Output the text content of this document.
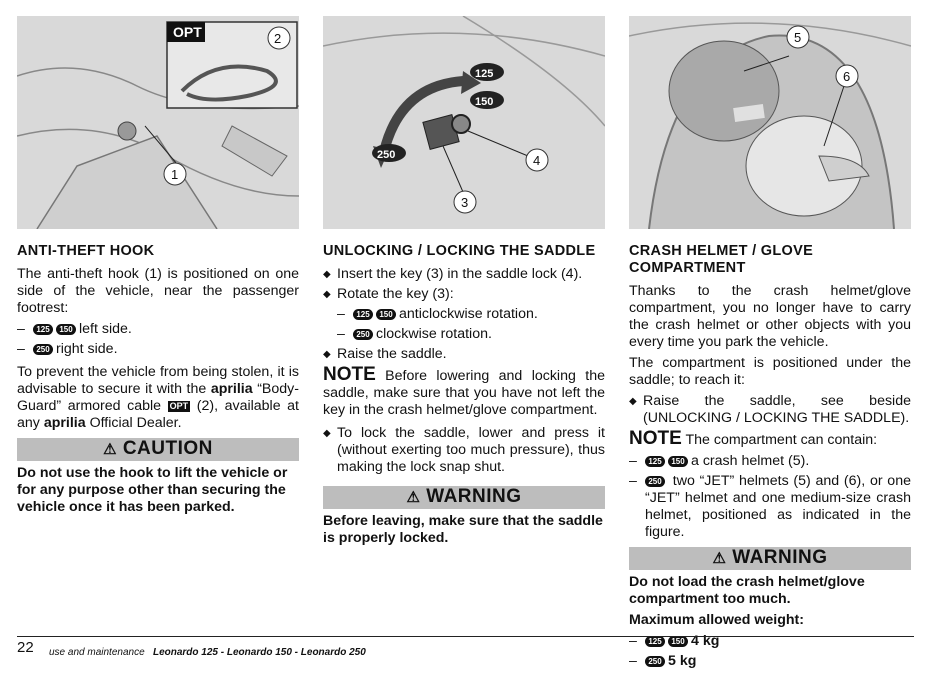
OPT	2
1
ANTI-THEFT HOOK

The anti-theft hook (1) is positioned on one side of the vehicle, near the passenger footrest:

–	125	150 left side.
–	250 right side.

To prevent the vehicle from being stolen, it is advisable to secure it with the aprilia “Body-Guard” armored cable OPT (2), available at any aprilia Official Dealer.

⚠ CAUTION

Do not use the hook to lift the vehicle or for any purpose other than securing the vehicle once it has been parked.

125
150
250	4
3
UNLOCKING / LOCKING THE SADDLE
◆ Insert the key (3) in the saddle lock (4).
◆ Rotate the key (3):
–	125	150 anticlockwise rotation.
–	250 clockwise rotation.
◆ Raise the saddle.

NOTE Before lowering and locking the saddle, make sure that you have not left the key in the crash helmet/glove compartment.

◆ To lock the saddle, lower and press it (without exerting too much pressure), thus making the lock snap shut.
⚠ WARNING

Before leaving, make sure that the saddle is properly locked.

5
6
CRASH HELMET / GLOVE COMPARTMENT

Thanks to the crash helmet/glove compartment, you no longer have to carry the crash helmet or other objects with you every time you park the vehicle.

The compartment is positioned under the saddle; to reach it:

◆ Raise the saddle, see beside (UNLOCKING / LOCKING THE SADDLE).

NOTE The compartment can contain:

–	125	150 a crash helmet (5).
–	250 two “JET” helmets (5) and (6), or one “JET” helmet and one medium-size crash helmet, positioned as indicated in the figure.
⚠ WARNING

Do not load the crash helmet/glove compartment too much.

Maximum allowed weight:

–	125	150 4 kg
–	250 5 kg
22 use and maintenance Leonardo 125 - Leonardo 150 - Leonardo 250
